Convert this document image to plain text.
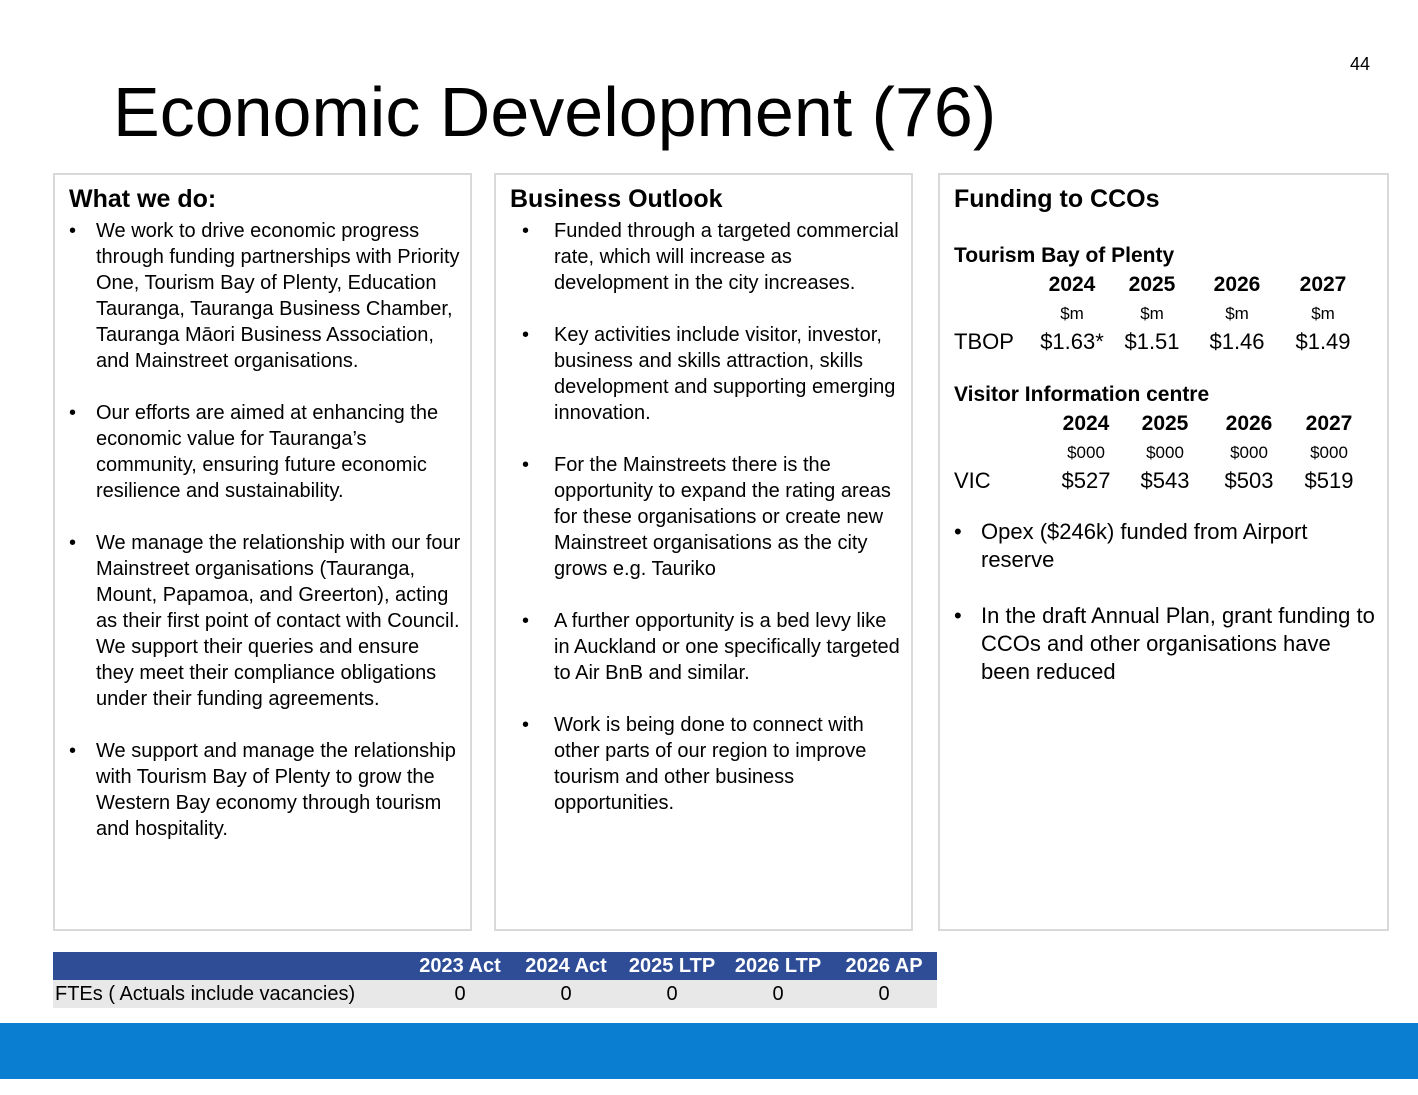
44
Economic Development (76)
What we do:
• We work to drive economic progress through funding partnerships with Priority One, Tourism Bay of Plenty, Education Tauranga, Tauranga Business Chamber, Tauranga Māori Business Association, and Mainstreet organisations.
• Our efforts are aimed at enhancing the economic value for Tauranga’s community, ensuring future economic resilience and sustainability.
• We manage the relationship with our four Mainstreet organisations (Tauranga, Mount, Papamoa, and Greerton), acting as their first point of contact with Council. We support their queries and ensure they meet their compliance obligations under their funding agreements.
• We support and manage the relationship with Tourism Bay of Plenty to grow the Western Bay economy through tourism and hospitality.
Business Outlook
• Funded through a targeted commercial rate, which will increase as development in the city increases.
• Key activities include visitor, investor, business and skills attraction, skills development and supporting emerging innovation.
• For the Mainstreets there is the opportunity to expand the rating areas for these organisations or create new Mainstreet organisations as the city grows e.g. Tauriko
• A further opportunity is a bed levy like in Auckland or one specifically targeted to Air BnB and similar.
• Work is being done to connect with other parts of our region to improve tourism and other business opportunities.
Funding to CCOs
Tourism Bay of Plenty
	2024	2025	2026	2027
	$m	$m	$m	$m
TBOP	$1.63*	$1.51	$1.46	$1.49
Visitor Information centre
	2024	2025	2026	2027
	$000	$000	$000	$000
VIC	$527	$543	$503	$519
• Opex ($246k) funded from Airport reserve
• In the draft Annual Plan, grant funding to CCOs and other organisations have been reduced
	2023 Act	2024 Act	2025 LTP	2026 LTP	2026 AP
FTEs ( Actuals include vacancies)	0	0	0	0	0
